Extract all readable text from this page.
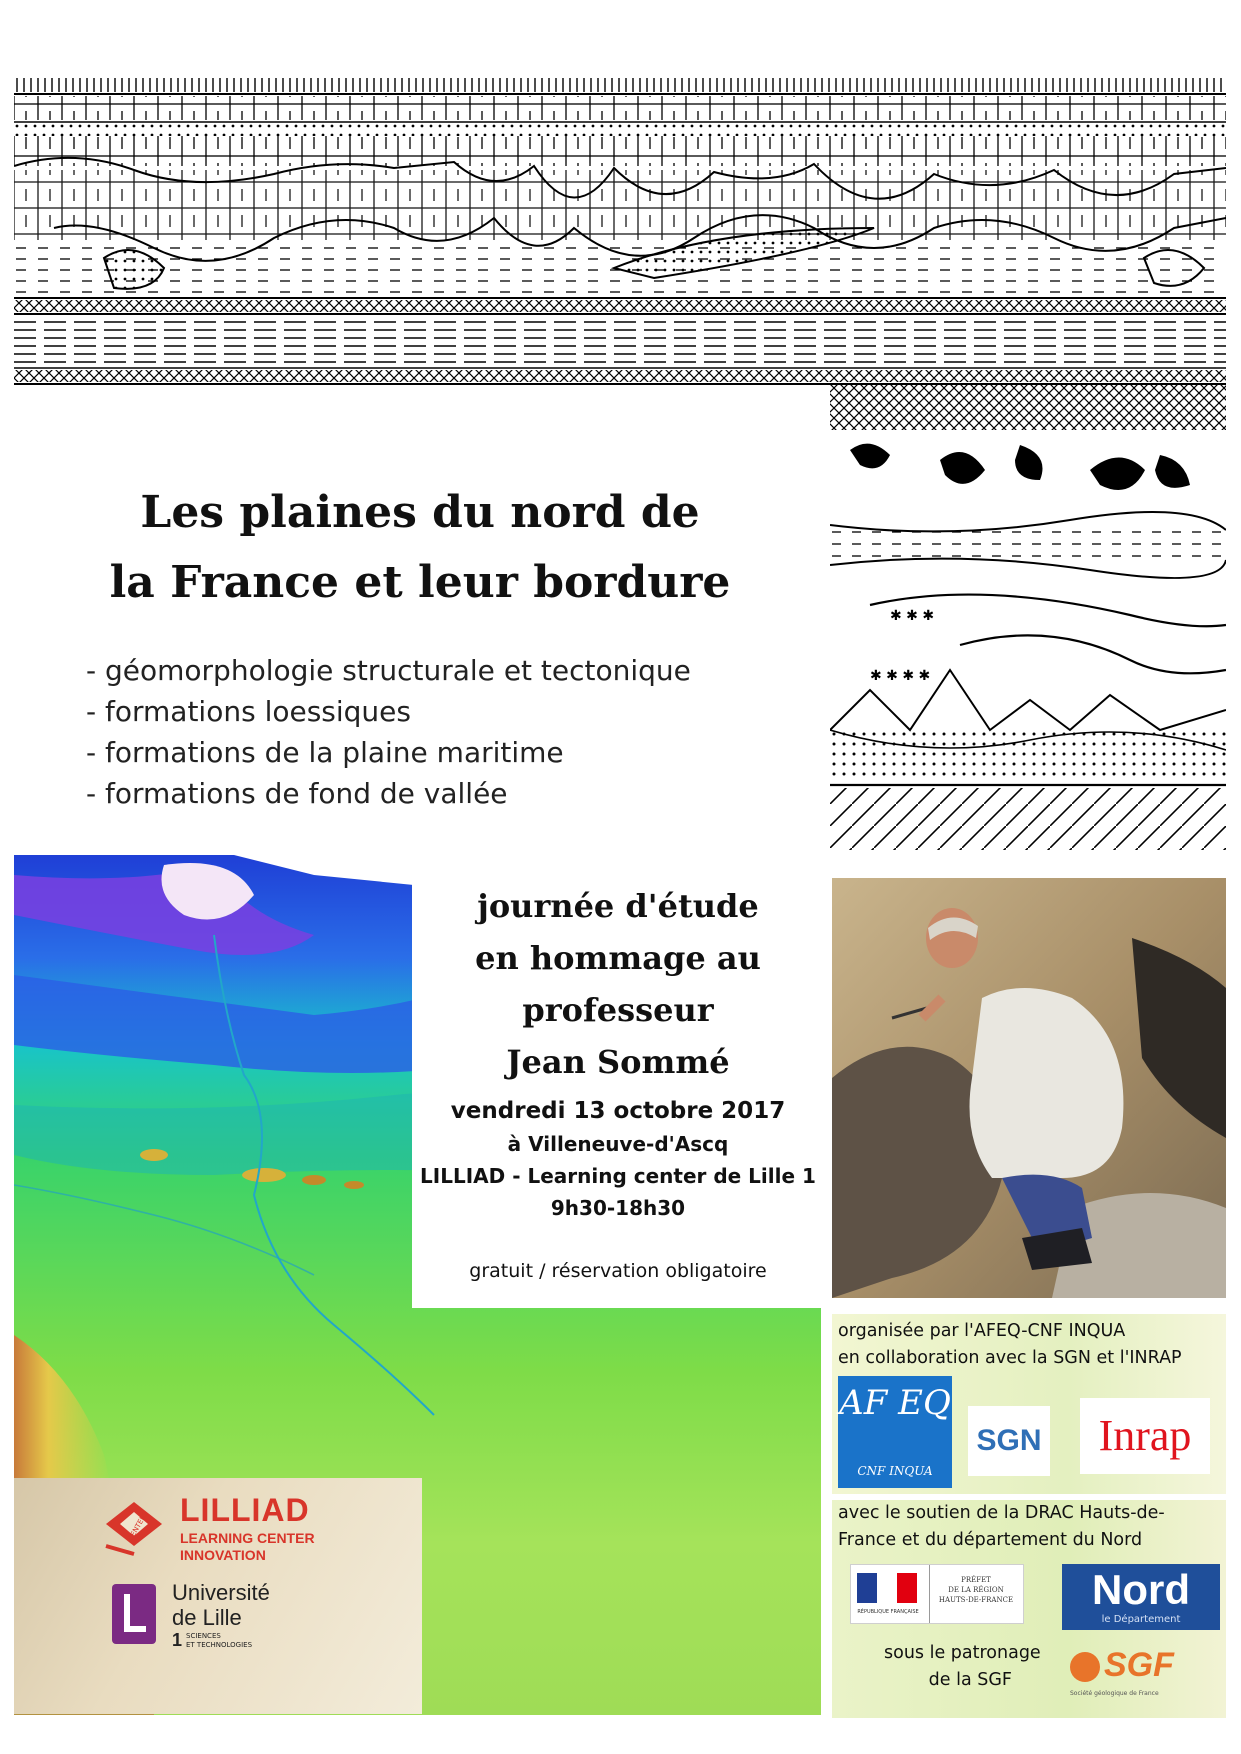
✱ ✱ ✱
✱ ✱ ✱ ✱
Les plaines du nord de
la France et leur bordure
- géomorphologie structurale et tectonique
- formations loessiques
- formations de la plaine maritime
- formations de fond de vallée
journée d'étude
en hommage au
professeur
Jean Sommé
vendredi 13 octobre 2017
à Villeneuve-d'Ascq
LILLIAD - Learning center de Lille 1
9h30-18h30
gratuit / réservation obligatoire
organisée par l'AFEQ-CNF INQUA
en collaboration avec la SGN et l'INRAP
AF EQ
CNF INQUA
SGN	Inrap
avec le soutien de la DRAC Hauts-de-
France et du département du Nord
RÉPUBLIQUE FRANÇAISE
PRÉFET
DE LA RÉGION
HAUTS-DE-FRANCE	Nord
le Département
sous le patronage
de la SGF	SGF
Société géologique de France
CENTERS LILLIAD
LEARNING CENTER
INNOVATION
Université
de Lille
1 SCIENCES
ET TECHNOLOGIES
